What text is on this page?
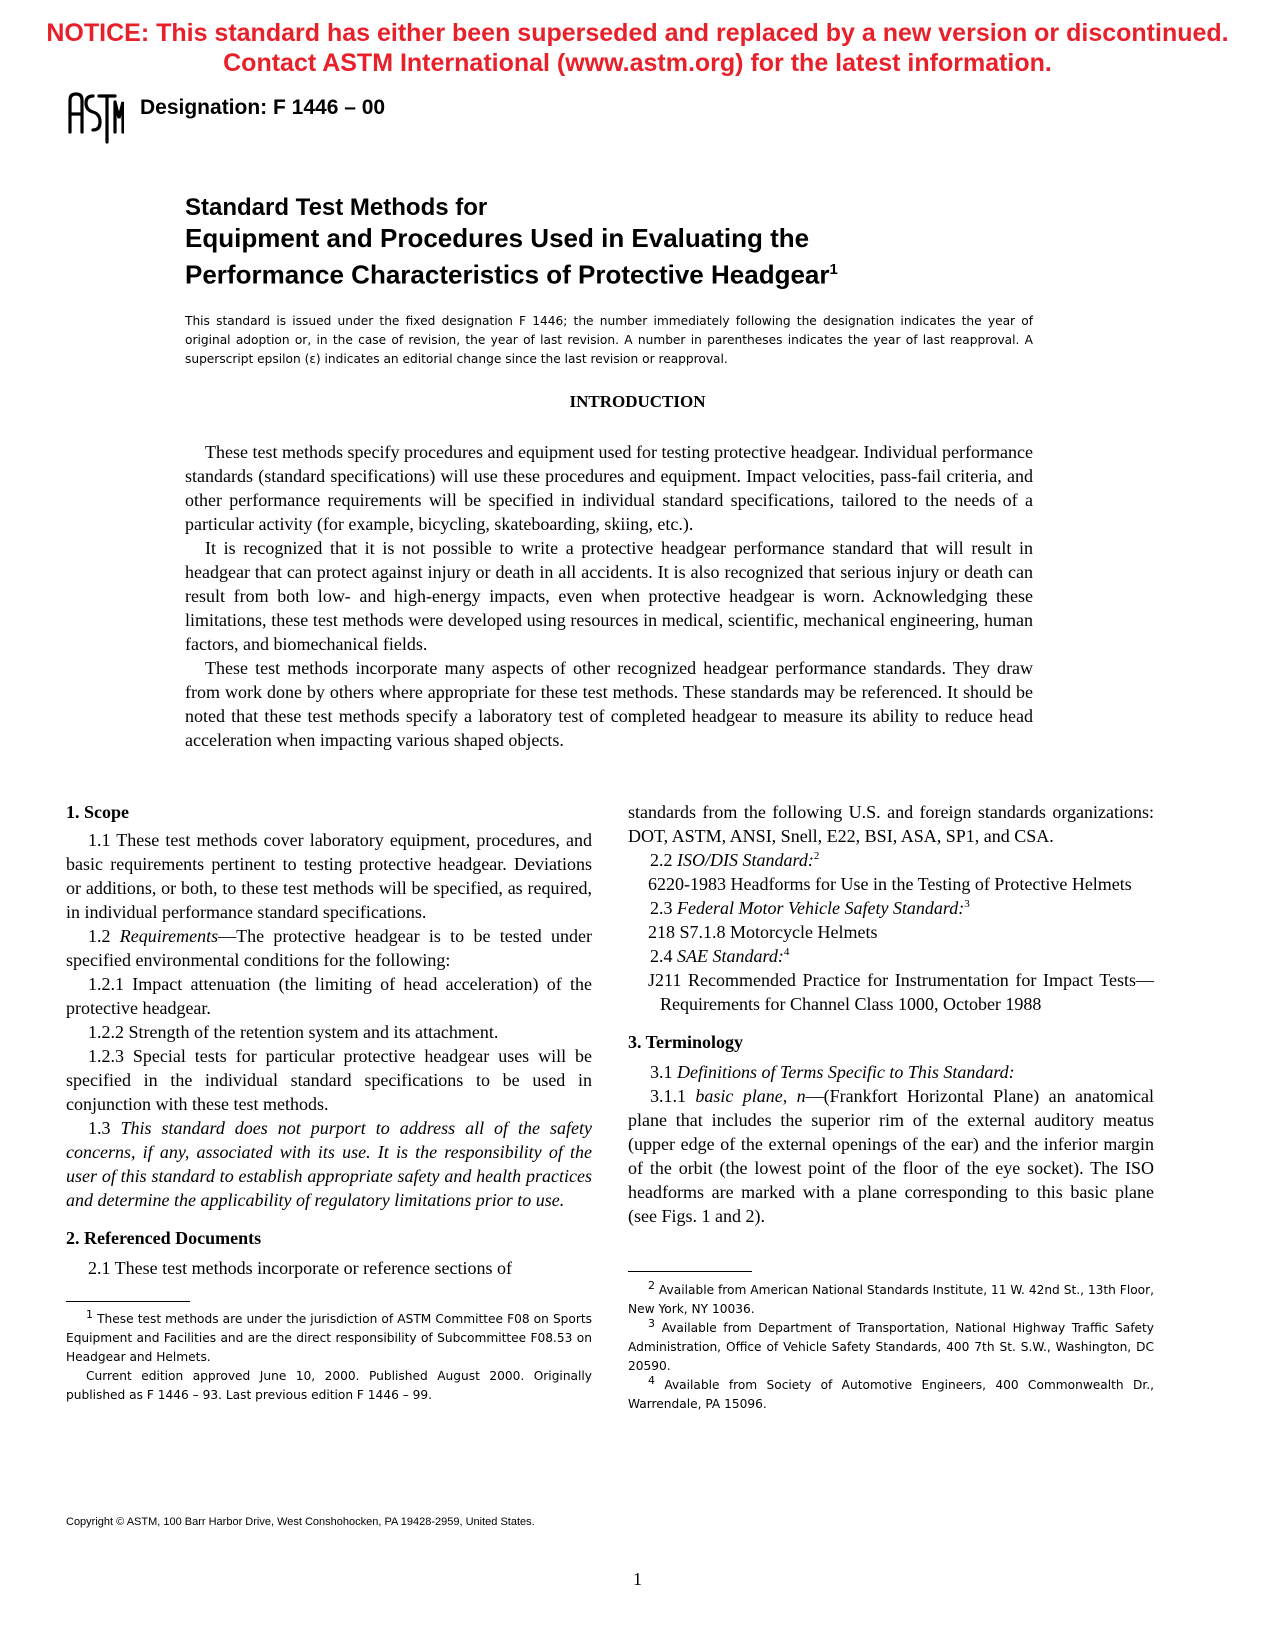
NOTICE: This standard has either been superseded and replaced by a new version or discontinued.
Contact ASTM International (www.astm.org) for the latest information.
Designation: F 1446 – 00
Standard Test Methods for
Equipment and Procedures Used in Evaluating the
Performance Characteristics of Protective Headgear$^1$
This standard is issued under the fixed designation F 1446; the number immediately following the designation indicates the year of original adoption or, in the case of revision, the year of last revision. A number in parentheses indicates the year of last reapproval. A superscript epsilon (ε) indicates an editorial change since the last revision or reapproval.
INTRODUCTION

These test methods specify procedures and equipment used for testing protective headgear. Individual performance standards (standard specifications) will use these procedures and equipment. Impact velocities, pass-fail criteria, and other performance requirements will be specified in individual standard specifications, tailored to the needs of a particular activity (for example, bicycling, skateboarding, skiing, etc.).

It is recognized that it is not possible to write a protective headgear performance standard that will result in headgear that can protect against injury or death in all accidents. It is also recognized that serious injury or death can result from both low- and high-energy impacts, even when protective headgear is worn. Acknowledging these limitations, these test methods were developed using resources in medical, scientific, mechanical engineering, human factors, and biomechanical fields.

These test methods incorporate many aspects of other recognized headgear performance standards. They draw from work done by others where appropriate for these test methods. These standards may be referenced. It should be noted that these test methods specify a laboratory test of completed headgear to measure its ability to reduce head acceleration when impacting various shaped objects.

1. Scope

1.1 These test methods cover laboratory equipment, procedures, and basic requirements pertinent to testing protective headgear. Deviations or additions, or both, to these test methods will be specified, as required, in individual performance standard specifications.

1.2 Requirements—The protective headgear is to be tested under specified environmental conditions for the following:

1.2.1 Impact attenuation (the limiting of head acceleration) of the protective headgear.

1.2.2 Strength of the retention system and its attachment.

1.2.3 Special tests for particular protective headgear uses will be specified in the individual standard specifications to be used in conjunction with these test methods.

1.3 This standard does not purport to address all of the safety concerns, if any, associated with its use. It is the responsibility of the user of this standard to establish appropriate safety and health practices and determine the applicability of regulatory limitations prior to use.

2. Referenced Documents

2.1 These test methods incorporate or reference sections of

$^1$ These test methods are under the jurisdiction of ASTM Committee F08 on Sports Equipment and Facilities and are the direct responsibility of Subcommittee F08.53 on Headgear and Helmets.

Current edition approved June 10, 2000. Published August 2000. Originally published as F 1446 – 93. Last previous edition F 1446 – 99.

standards from the following U.S. and foreign standards organizations: DOT, ASTM, ANSI, Snell, E22, BSI, ASA, SP1, and CSA.

2.2 ISO/DIS Standard:$^2$

6220-1983 Headforms for Use in the Testing of Protective Helmets

2.3 Federal Motor Vehicle Safety Standard:$^3$

218 S7.1.8 Motorcycle Helmets

2.4 SAE Standard:$^4$

J211 Recommended Practice for Instrumentation for Impact Tests—Requirements for Channel Class 1000, October 1988

3. Terminology

3.1 Definitions of Terms Specific to This Standard:

3.1.1 basic plane, n—(Frankfort Horizontal Plane) an anatomical plane that includes the superior rim of the external auditory meatus (upper edge of the external openings of the ear) and the inferior margin of the orbit (the lowest point of the floor of the eye socket). The ISO headforms are marked with a plane corresponding to this basic plane (see Figs. 1 and 2).

$^2$ Available from American National Standards Institute, 11 W. 42nd St., 13th Floor, New York, NY 10036.

$^3$ Available from Department of Transportation, National Highway Traffic Safety Administration, Office of Vehicle Safety Standards, 400 7th St. S.W., Washington, DC 20590.

$^4$ Available from Society of Automotive Engineers, 400 Commonwealth Dr., Warrendale, PA 15096.

Copyright © ASTM, 100 Barr Harbor Drive, West Conshohocken, PA 19428-2959, United States.
1
